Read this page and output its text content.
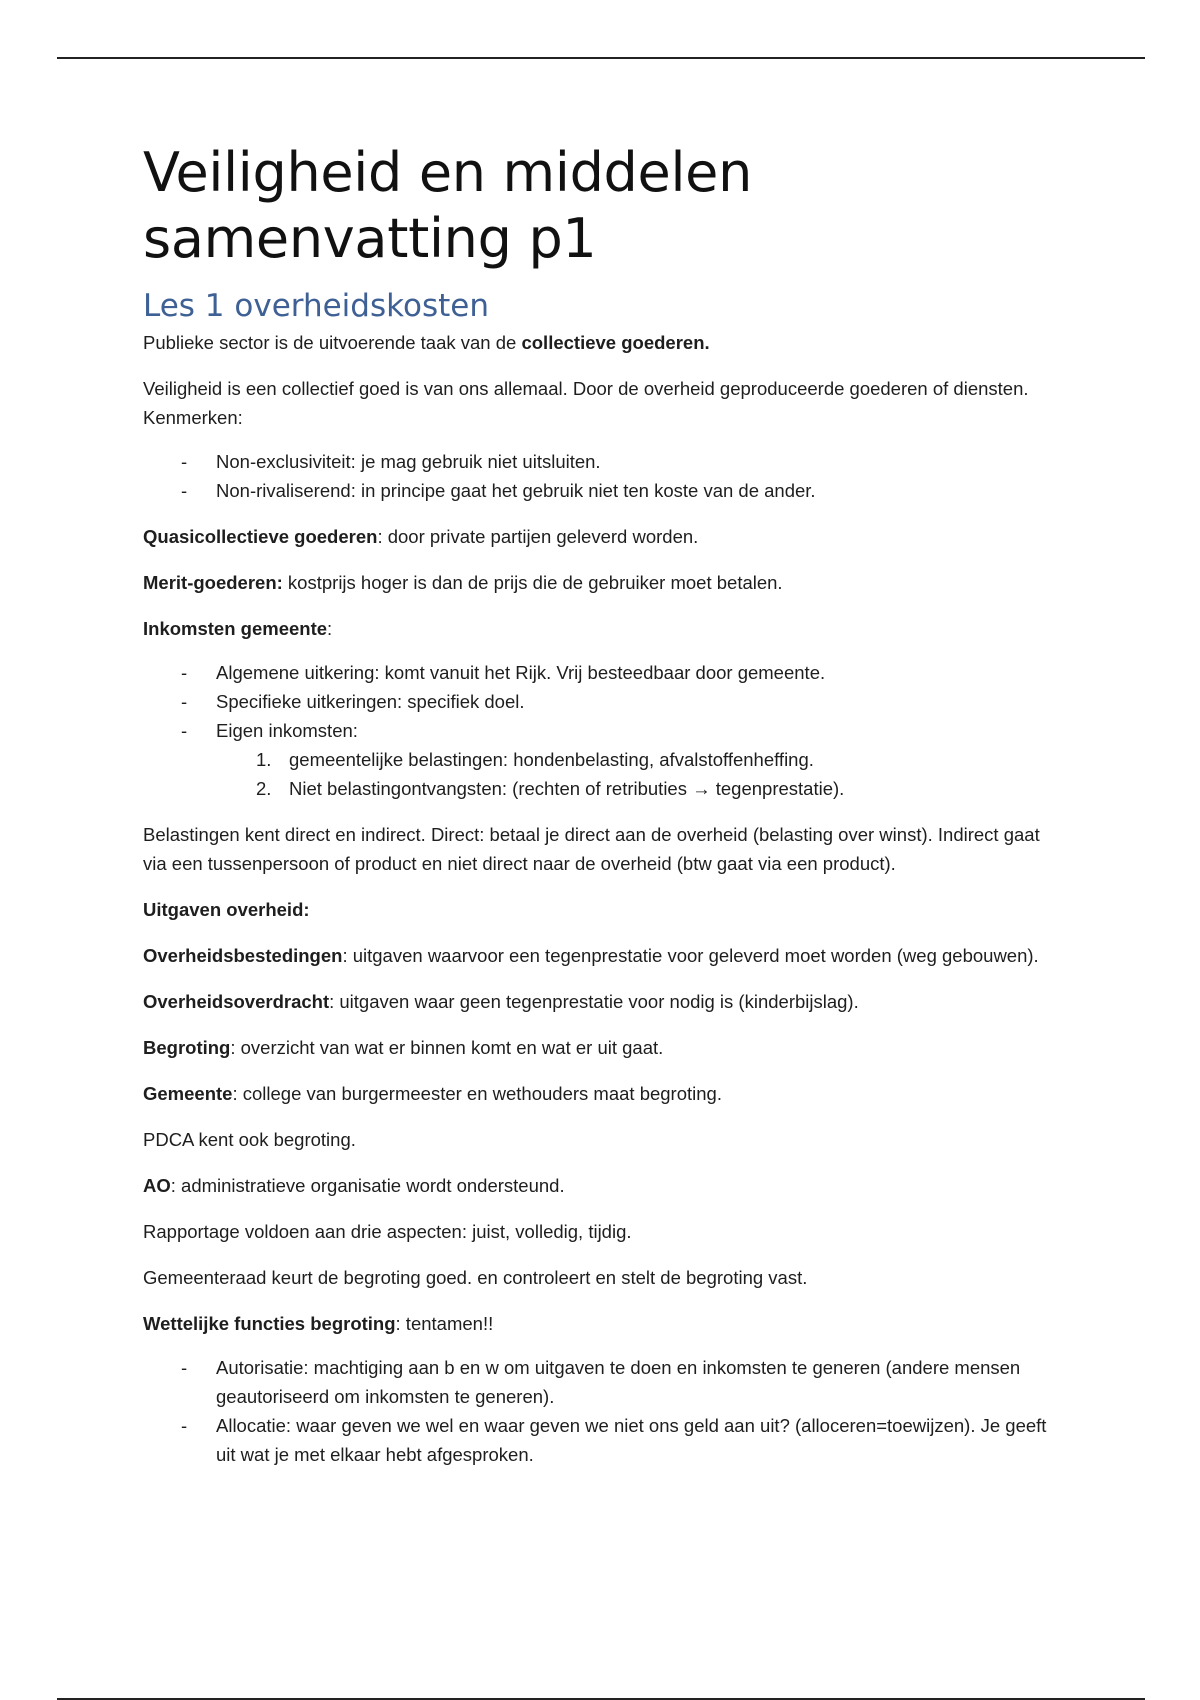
Veiligheid en middelen
samenvatting p1
Les 1 overheidskosten

Publieke sector is de uitvoerende taak van de collectieve goederen.

Veiligheid is een collectief goed is van ons allemaal. Door de overheid geproduceerde goederen of diensten. Kenmerken:

- Non-exclusiviteit: je mag gebruik niet uitsluiten.
- Non-rivaliserend: in principe gaat het gebruik niet ten koste van de ander.

Quasicollectieve goederen: door private partijen geleverd worden.

Merit-goederen: kostprijs hoger is dan de prijs die de gebruiker moet betalen.

Inkomsten gemeente:

- Algemene uitkering: komt vanuit het Rijk. Vrij besteedbaar door gemeente.
- Specifieke uitkeringen: specifiek doel.
- Eigen inkomsten:
1. gemeentelijke belastingen: hondenbelasting, afvalstoffenheffing.
2. Niet belastingontvangsten: (rechten of retributies → tegenprestatie).

Belastingen kent direct en indirect. Direct: betaal je direct aan de overheid (belasting over winst). Indirect gaat via een tussenpersoon of product en niet direct naar de overheid (btw gaat via een product).

Uitgaven overheid:

Overheidsbestedingen: uitgaven waarvoor een tegenprestatie voor geleverd moet worden (weg gebouwen).

Overheidsoverdracht: uitgaven waar geen tegenprestatie voor nodig is (kinderbijslag).

Begroting: overzicht van wat er binnen komt en wat er uit gaat.

Gemeente: college van burgermeester en wethouders maat begroting.

PDCA kent ook begroting.

AO: administratieve organisatie wordt ondersteund.

Rapportage voldoen aan drie aspecten: juist, volledig, tijdig.

Gemeenteraad keurt de begroting goed. en controleert en stelt de begroting vast.

Wettelijke functies begroting: tentamen!!

- Autorisatie: machtiging aan b en w om uitgaven te doen en inkomsten te generen (andere mensen geautoriseerd om inkomsten te generen).
- Allocatie: waar geven we wel en waar geven we niet ons geld aan uit? (alloceren=toewijzen). Je geeft uit wat je met elkaar hebt afgesproken.
